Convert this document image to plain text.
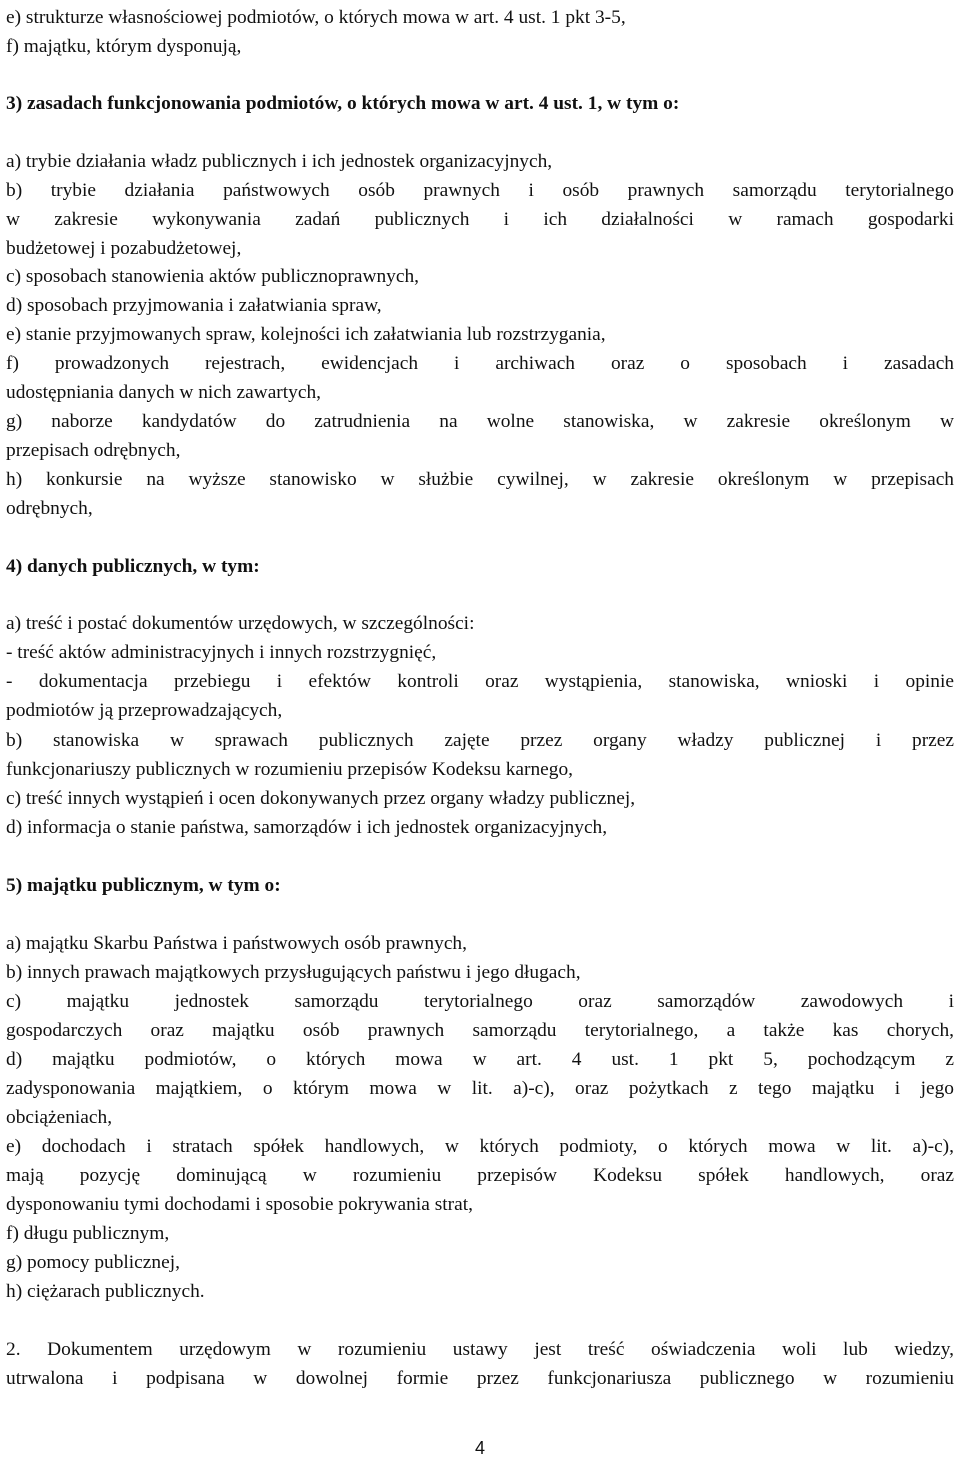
e) strukturze własnościowej podmiotów, o których mowa w art. 4 ust. 1 pkt 3-5,
f) majątku, którym dysponują,
3) zasadach funkcjonowania podmiotów, o których mowa w art. 4 ust. 1, w tym o:
a) trybie działania władz publicznych i ich jednostek organizacyjnych,
b) trybie działania państwowych osób prawnych i osób prawnych samorządu terytorialnego
w zakresie wykonywania zadań publicznych i ich działalności w ramach gospodarki
budżetowej i pozabudżetowej,
c) sposobach stanowienia aktów publicznoprawnych,
d) sposobach przyjmowania i załatwiania spraw,
e) stanie przyjmowanych spraw, kolejności ich załatwiania lub rozstrzygania,
f) prowadzonych rejestrach, ewidencjach i archiwach oraz o sposobach i zasadach
udostępniania danych w nich zawartych,
g) naborze kandydatów do zatrudnienia na wolne stanowiska, w zakresie określonym w
przepisach odrębnych,
h) konkursie na wyższe stanowisko w służbie cywilnej, w zakresie określonym w przepisach
odrębnych,
4) danych publicznych, w tym:
a) treść i postać dokumentów urzędowych, w szczególności:
- treść aktów administracyjnych i innych rozstrzygnięć,
- dokumentacja przebiegu i efektów kontroli oraz wystąpienia, stanowiska, wnioski i opinie
podmiotów ją przeprowadzających,
b) stanowiska w sprawach publicznych zajęte przez organy władzy publicznej i przez
funkcjonariuszy publicznych w rozumieniu przepisów Kodeksu karnego,
c) treść innych wystąpień i ocen dokonywanych przez organy władzy publicznej,
d) informacja o stanie państwa, samorządów i ich jednostek organizacyjnych,
5) majątku publicznym, w tym o:
a) majątku Skarbu Państwa i państwowych osób prawnych,
b) innych prawach majątkowych przysługujących państwu i jego długach,
c) majątku jednostek samorządu terytorialnego oraz samorządów zawodowych i
gospodarczych oraz majątku osób prawnych samorządu terytorialnego, a także kas chorych,
d) majątku podmiotów, o których mowa w art. 4 ust. 1 pkt 5, pochodzącym z
zadysponowania majątkiem, o którym mowa w lit. a)-c), oraz pożytkach z tego majątku i jego
obciążeniach,
e) dochodach i stratach spółek handlowych, w których podmioty, o których mowa w lit. a)-c),
mają pozycję dominującą w rozumieniu przepisów Kodeksu spółek handlowych, oraz
dysponowaniu tymi dochodami i sposobie pokrywania strat,
f) długu publicznym,
g) pomocy publicznej,
h) ciężarach publicznych.
2. Dokumentem urzędowym w rozumieniu ustawy jest treść oświadczenia woli lub wiedzy,
utrwalona i podpisana w dowolnej formie przez funkcjonariusza publicznego w rozumieniu
4
